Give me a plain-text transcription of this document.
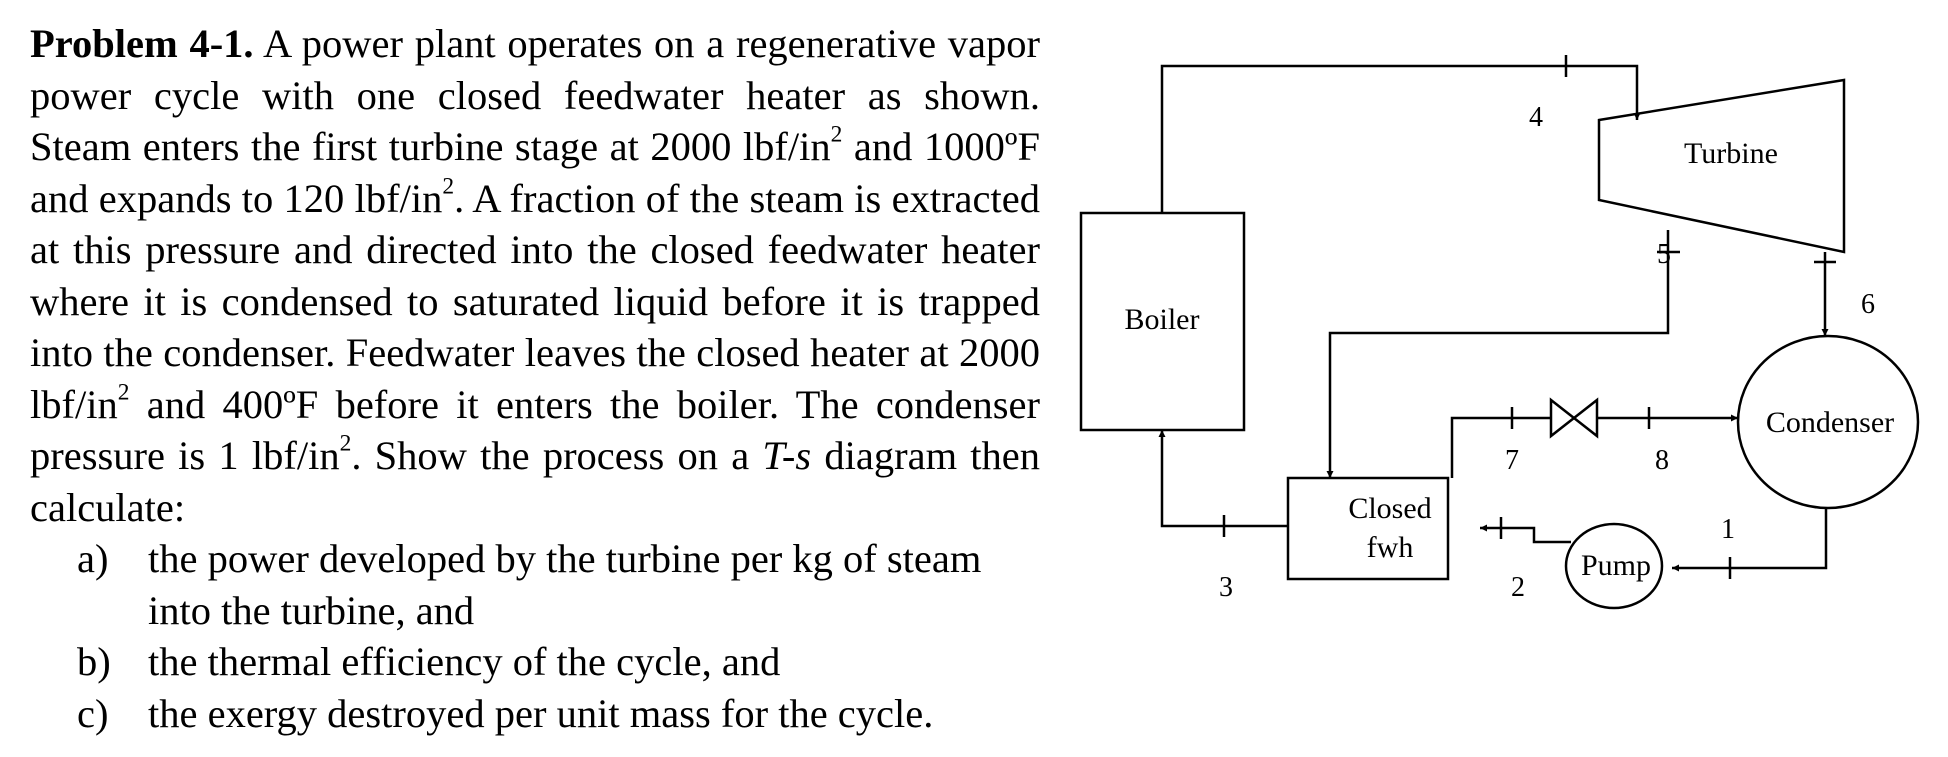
Problem 4-1. A power plant operates on a regenerative vapor power cycle with one closed feedwater heater as shown. Steam enters the first turbine stage at 2000 lbf/$in^2$ and 1000ºF and expands to 120 lbf/$in^2$. A fraction of the steam is extracted at this pressure and directed into the closed feedwater heater where it is condensed to saturated liquid before it is trapped into the condenser. Feedwater leaves the closed heater at 2000 lbf/$in^2$ and 400ºF before it enters the boiler. The condenser pressure is 1 lbf/$in^2$. Show the process on a T-s diagram then calculate:

a) the power developed by the turbine per kg of steam into the turbine, and
b) the thermal efficiency of the cycle, and
c) the exergy destroyed per unit mass for the cycle.
Boiler
Turbine
Condenser
Closed
fwh
Pump
1
2
3
4
5
6
7	8
